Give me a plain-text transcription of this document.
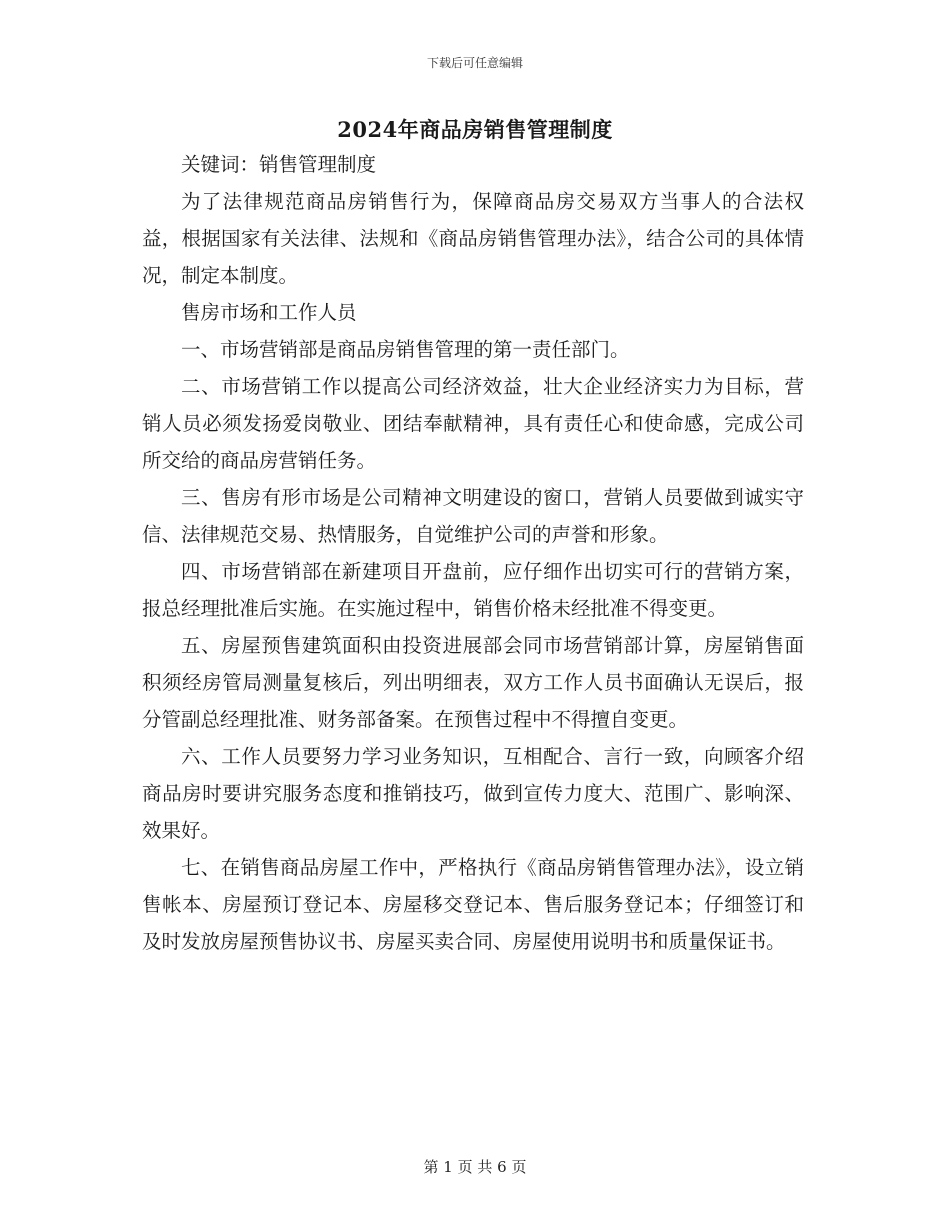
下载后可任意编辑
2024年商品房销售管理制度

关键词：销售管理制度

为了法律规范商品房销售行为，保障商品房交易双方当事人的合法权益，根据国家有关法律、法规和《商品房销售管理办法》，结合公司的具体情况，制定本制度。

售房市场和工作人员

一、市场营销部是商品房销售管理的第一责任部门。

二、市场营销工作以提高公司经济效益，壮大企业经济实力为目标，营销人员必须发扬爱岗敬业、团结奉献精神，具有责任心和使命感，完成公司所交给的商品房营销任务。

三、售房有形市场是公司精神文明建设的窗口，营销人员要做到诚实守信、法律规范交易、热情服务，自觉维护公司的声誉和形象。

四、市场营销部在新建项目开盘前，应仔细作出切实可行的营销方案，报总经理批准后实施。在实施过程中，销售价格未经批准不得变更。

五、房屋预售建筑面积由投资进展部会同市场营销部计算，房屋销售面积须经房管局测量复核后，列出明细表，双方工作人员书面确认无误后，报分管副总经理批准、财务部备案。在预售过程中不得擅自变更。

六、工作人员要努力学习业务知识，互相配合、言行一致，向顾客介绍商品房时要讲究服务态度和推销技巧，做到宣传力度大、范围广、影响深、效果好。

七、在销售商品房屋工作中，严格执行《商品房销售管理办法》，设立销售帐本、房屋预订登记本、房屋移交登记本、售后服务登记本；仔细签订和及时发放房屋预售协议书、房屋买卖合同、房屋使用说明书和质量保证书。

第 1 页 共 6 页
